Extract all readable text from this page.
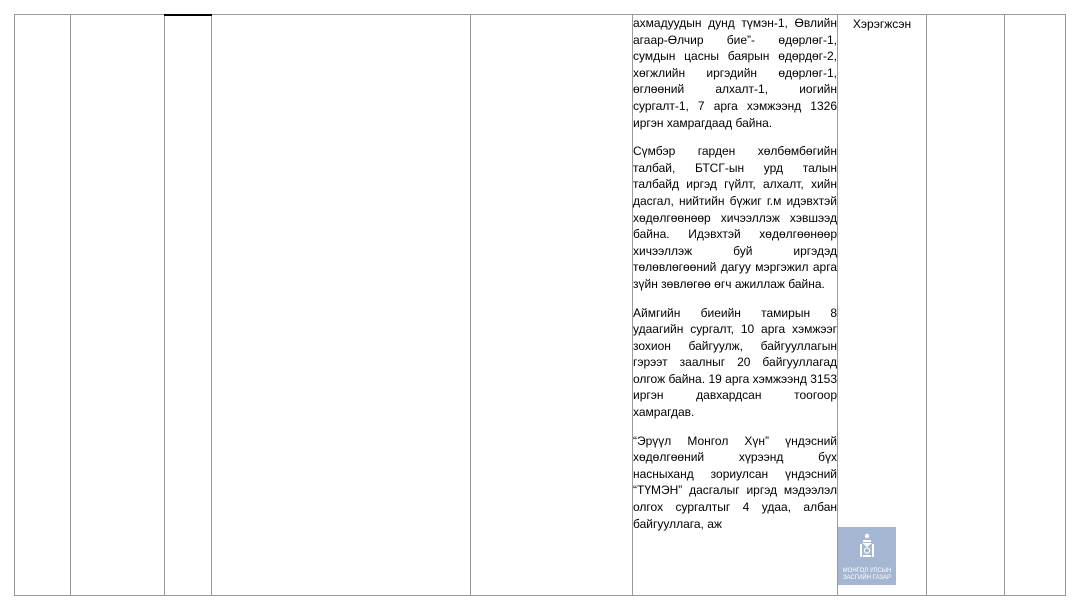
ахмадуудын дунд түмэн-1, Өвлийн агаар-Өлчир бие”- өдөрлөг-1, сумдын цасны баярын өдөрдөг-2, хөгжлийн иргэдийн өдөрлөг-1, өглөөний алхалт-1, иогийн сургалт-1, 7 арга хэмжээнд 1326 иргэн хамрагдаад байна.

Сүмбэр гарден хөлбөмбөгийн талбай, БТСГ-ын урд талын талбайд иргэд гүйлт, алхалт, хийн дасгал, нийтийн бүжиг г.м идэвхтэй хөдөлгөөнөөр хичээллэж хэвшээд байна. Идэвхтэй хөдөлгөөнөөр хичээллэж буй иргэдэд төлөвлөгөөний дагуу мэргэжил арга зүйн зөвлөгөө өгч ажиллаж байна.

Аймгийн биеийн тамирын 8 удаагийн сургалт, 10 арга хэмжээг зохион байгуулж, байгууллагын гэрээт заалныг 20 байгууллагад олгож байна. 19 арга хэмжээнд 3153 иргэн давхардсан тоогоор хамрагдав.

“Эрүүл Монгол Хүн” үндэсний хөдөлгөөний хүрээнд бүх насныханд зориулсан үндэсний “ТҮМЭН” дасгалыг иргэд мэдээлэл олгох сургалтыг 4 удаа, албан байгууллага, аж

Хэрэгжсэн
МОНГОЛ УЛСЫН
ЗАСГИЙН ГАЗАР
